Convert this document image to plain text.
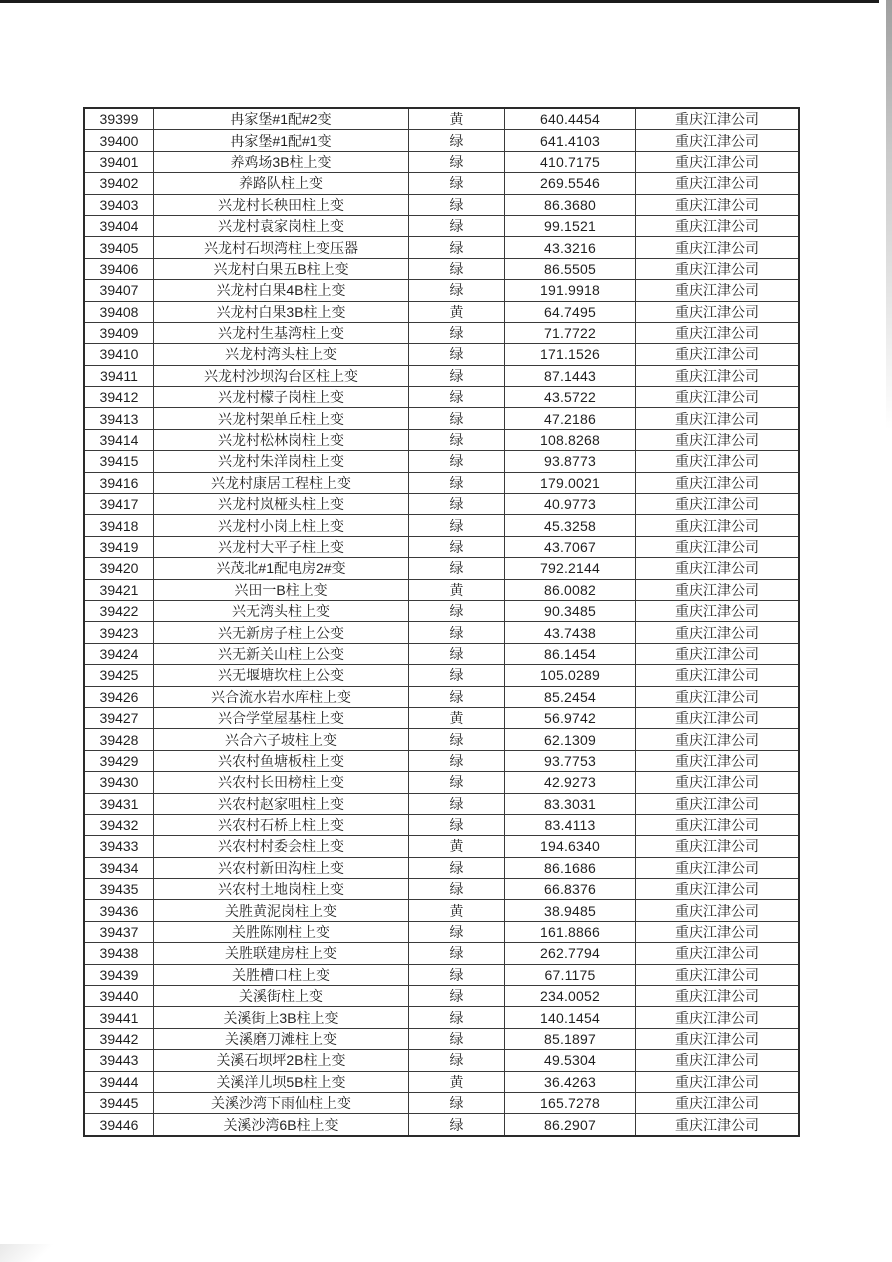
39399	冉家堡#1配#2变	黄	640.4454	重庆江津公司
39400	冉家堡#1配#1变	绿	641.4103	重庆江津公司
39401	养鸡场3B柱上变	绿	410.7175	重庆江津公司
39402	养路队柱上变	绿	269.5546	重庆江津公司
39403	兴龙村长秧田柱上变	绿	86.3680	重庆江津公司
39404	兴龙村袁家岗柱上变	绿	99.1521	重庆江津公司
39405	兴龙村石坝湾柱上变压器	绿	43.3216	重庆江津公司
39406	兴龙村白果五B柱上变	绿	86.5505	重庆江津公司
39407	兴龙村白果4B柱上变	绿	191.9918	重庆江津公司
39408	兴龙村白果3B柱上变	黄	64.7495	重庆江津公司
39409	兴龙村生基湾柱上变	绿	71.7722	重庆江津公司
39410	兴龙村湾头柱上变	绿	171.1526	重庆江津公司
39411	兴龙村沙坝沟台区柱上变	绿	87.1443	重庆江津公司
39412	兴龙村檬子岗柱上变	绿	43.5722	重庆江津公司
39413	兴龙村架单丘柱上变	绿	47.2186	重庆江津公司
39414	兴龙村松林岗柱上变	绿	108.8268	重庆江津公司
39415	兴龙村朱洋岗柱上变	绿	93.8773	重庆江津公司
39416	兴龙村康居工程柱上变	绿	179.0021	重庆江津公司
39417	兴龙村岚桠头柱上变	绿	40.9773	重庆江津公司
39418	兴龙村小岗上柱上变	绿	45.3258	重庆江津公司
39419	兴龙村大平子柱上变	绿	43.7067	重庆江津公司
39420	兴茂北#1配电房2#变	绿	792.2144	重庆江津公司
39421	兴田一B柱上变	黄	86.0082	重庆江津公司
39422	兴无湾头柱上变	绿	90.3485	重庆江津公司
39423	兴无新房子柱上公变	绿	43.7438	重庆江津公司
39424	兴无新关山柱上公变	绿	86.1454	重庆江津公司
39425	兴无堰塘坎柱上公变	绿	105.0289	重庆江津公司
39426	兴合流水岩水库柱上变	绿	85.2454	重庆江津公司
39427	兴合学堂屋基柱上变	黄	56.9742	重庆江津公司
39428	兴合六子坡柱上变	绿	62.1309	重庆江津公司
39429	兴农村鱼塘板柱上变	绿	93.7753	重庆江津公司
39430	兴农村长田榜柱上变	绿	42.9273	重庆江津公司
39431	兴农村赵家咀柱上变	绿	83.3031	重庆江津公司
39432	兴农村石桥上柱上变	绿	83.4113	重庆江津公司
39433	兴农村村委会柱上变	黄	194.6340	重庆江津公司
39434	兴农村新田沟柱上变	绿	86.1686	重庆江津公司
39435	兴农村土地岗柱上变	绿	66.8376	重庆江津公司
39436	关胜黄泥岗柱上变	黄	38.9485	重庆江津公司
39437	关胜陈刚柱上变	绿	161.8866	重庆江津公司
39438	关胜联建房柱上变	绿	262.7794	重庆江津公司
39439	关胜槽口柱上变	绿	67.1175	重庆江津公司
39440	关溪街柱上变	绿	234.0052	重庆江津公司
39441	关溪街上3B柱上变	绿	140.1454	重庆江津公司
39442	关溪磨刀滩柱上变	绿	85.1897	重庆江津公司
39443	关溪石坝坪2B柱上变	绿	49.5304	重庆江津公司
39444	关溪洋儿坝5B柱上变	黄	36.4263	重庆江津公司
39445	关溪沙湾下雨仙柱上变	绿	165.7278	重庆江津公司
39446	关溪沙湾6B柱上变	绿	86.2907	重庆江津公司
